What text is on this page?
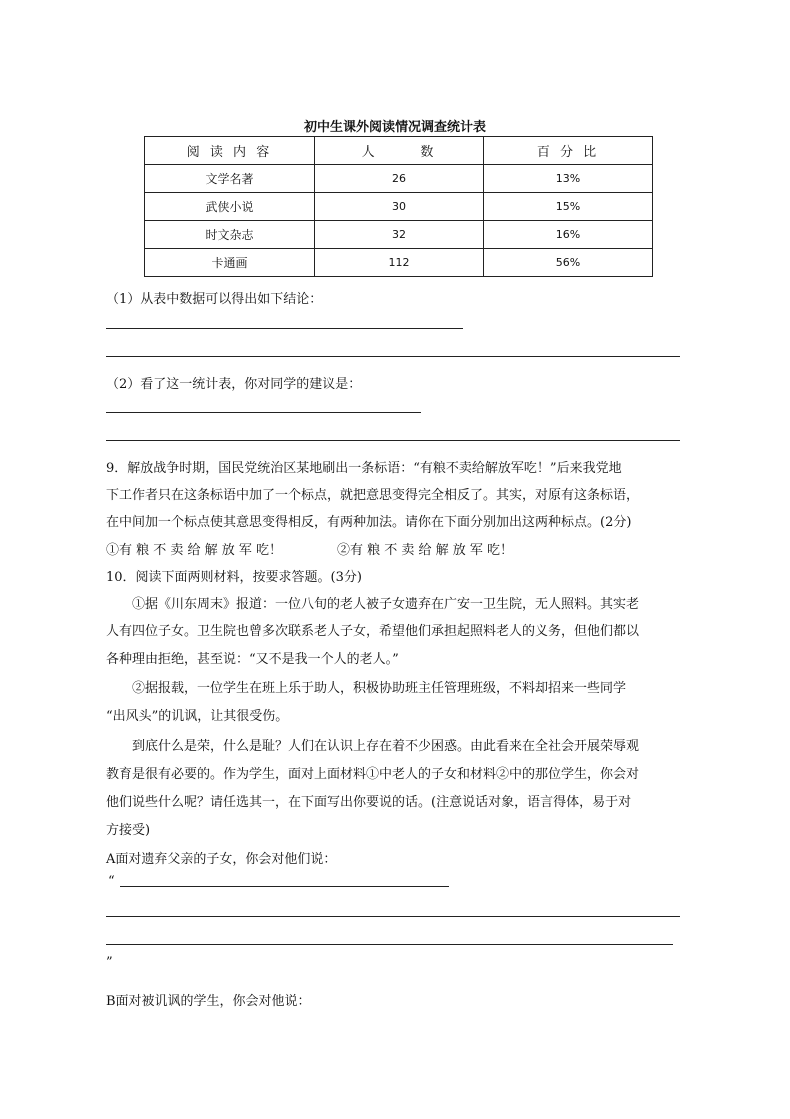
初中生课外阅读情况调查统计表
阅 读 内 容	人      数	百 分 比
文学名著	26	13%
武侠小说	30	15%
时文杂志	32	16%
卡通画	112	56%
（1）从表中数据可以得出如下结论：
（2）看了这一统计表，你对同学的建议是：
9．解放战争时期，国民党统治区某地刷出一条标语：“有粮不卖给解放军吃！”后来我党地
下工作者只在这条标语中加了一个标点，就把意思变得完全相反了。其实，对原有这条标语，
在中间加一个标点使其意思变得相反，有两种加法。请你在下面分别加出这两种标点。(2分)
①有 粮 不 卖 给 解 放 军 吃！	②有 粮 不 卖 给 解 放 军 吃！
10．阅读下面两则材料，按要求答题。(3分)
①据《川东周末》报道：一位八旬的老人被子女遗弃在广安一卫生院，无人照料。其实老
人有四位子女。卫生院也曾多次联系老人子女，希望他们承担起照料老人的义务，但他们都以
各种理由拒绝，甚至说：“又不是我一个人的老人。”
②据报载，一位学生在班上乐于助人，积极协助班主任管理班级，不料却招来一些同学
“出风头”的讥讽，让其很受伤。
到底什么是荣，什么是耻？人们在认识上存在着不少困惑。由此看来在全社会开展荣辱观
教育是很有必要的。作为学生，面对上面材料①中老人的子女和材料②中的那位学生，你会对
他们说些什么呢？请任选其一，在下面写出你要说的话。(注意说话对象，语言得体，易于对
方接受)
A面对遗弃父亲的子女，你会对他们说：
“
”
B面对被讥讽的学生，你会对他说：
